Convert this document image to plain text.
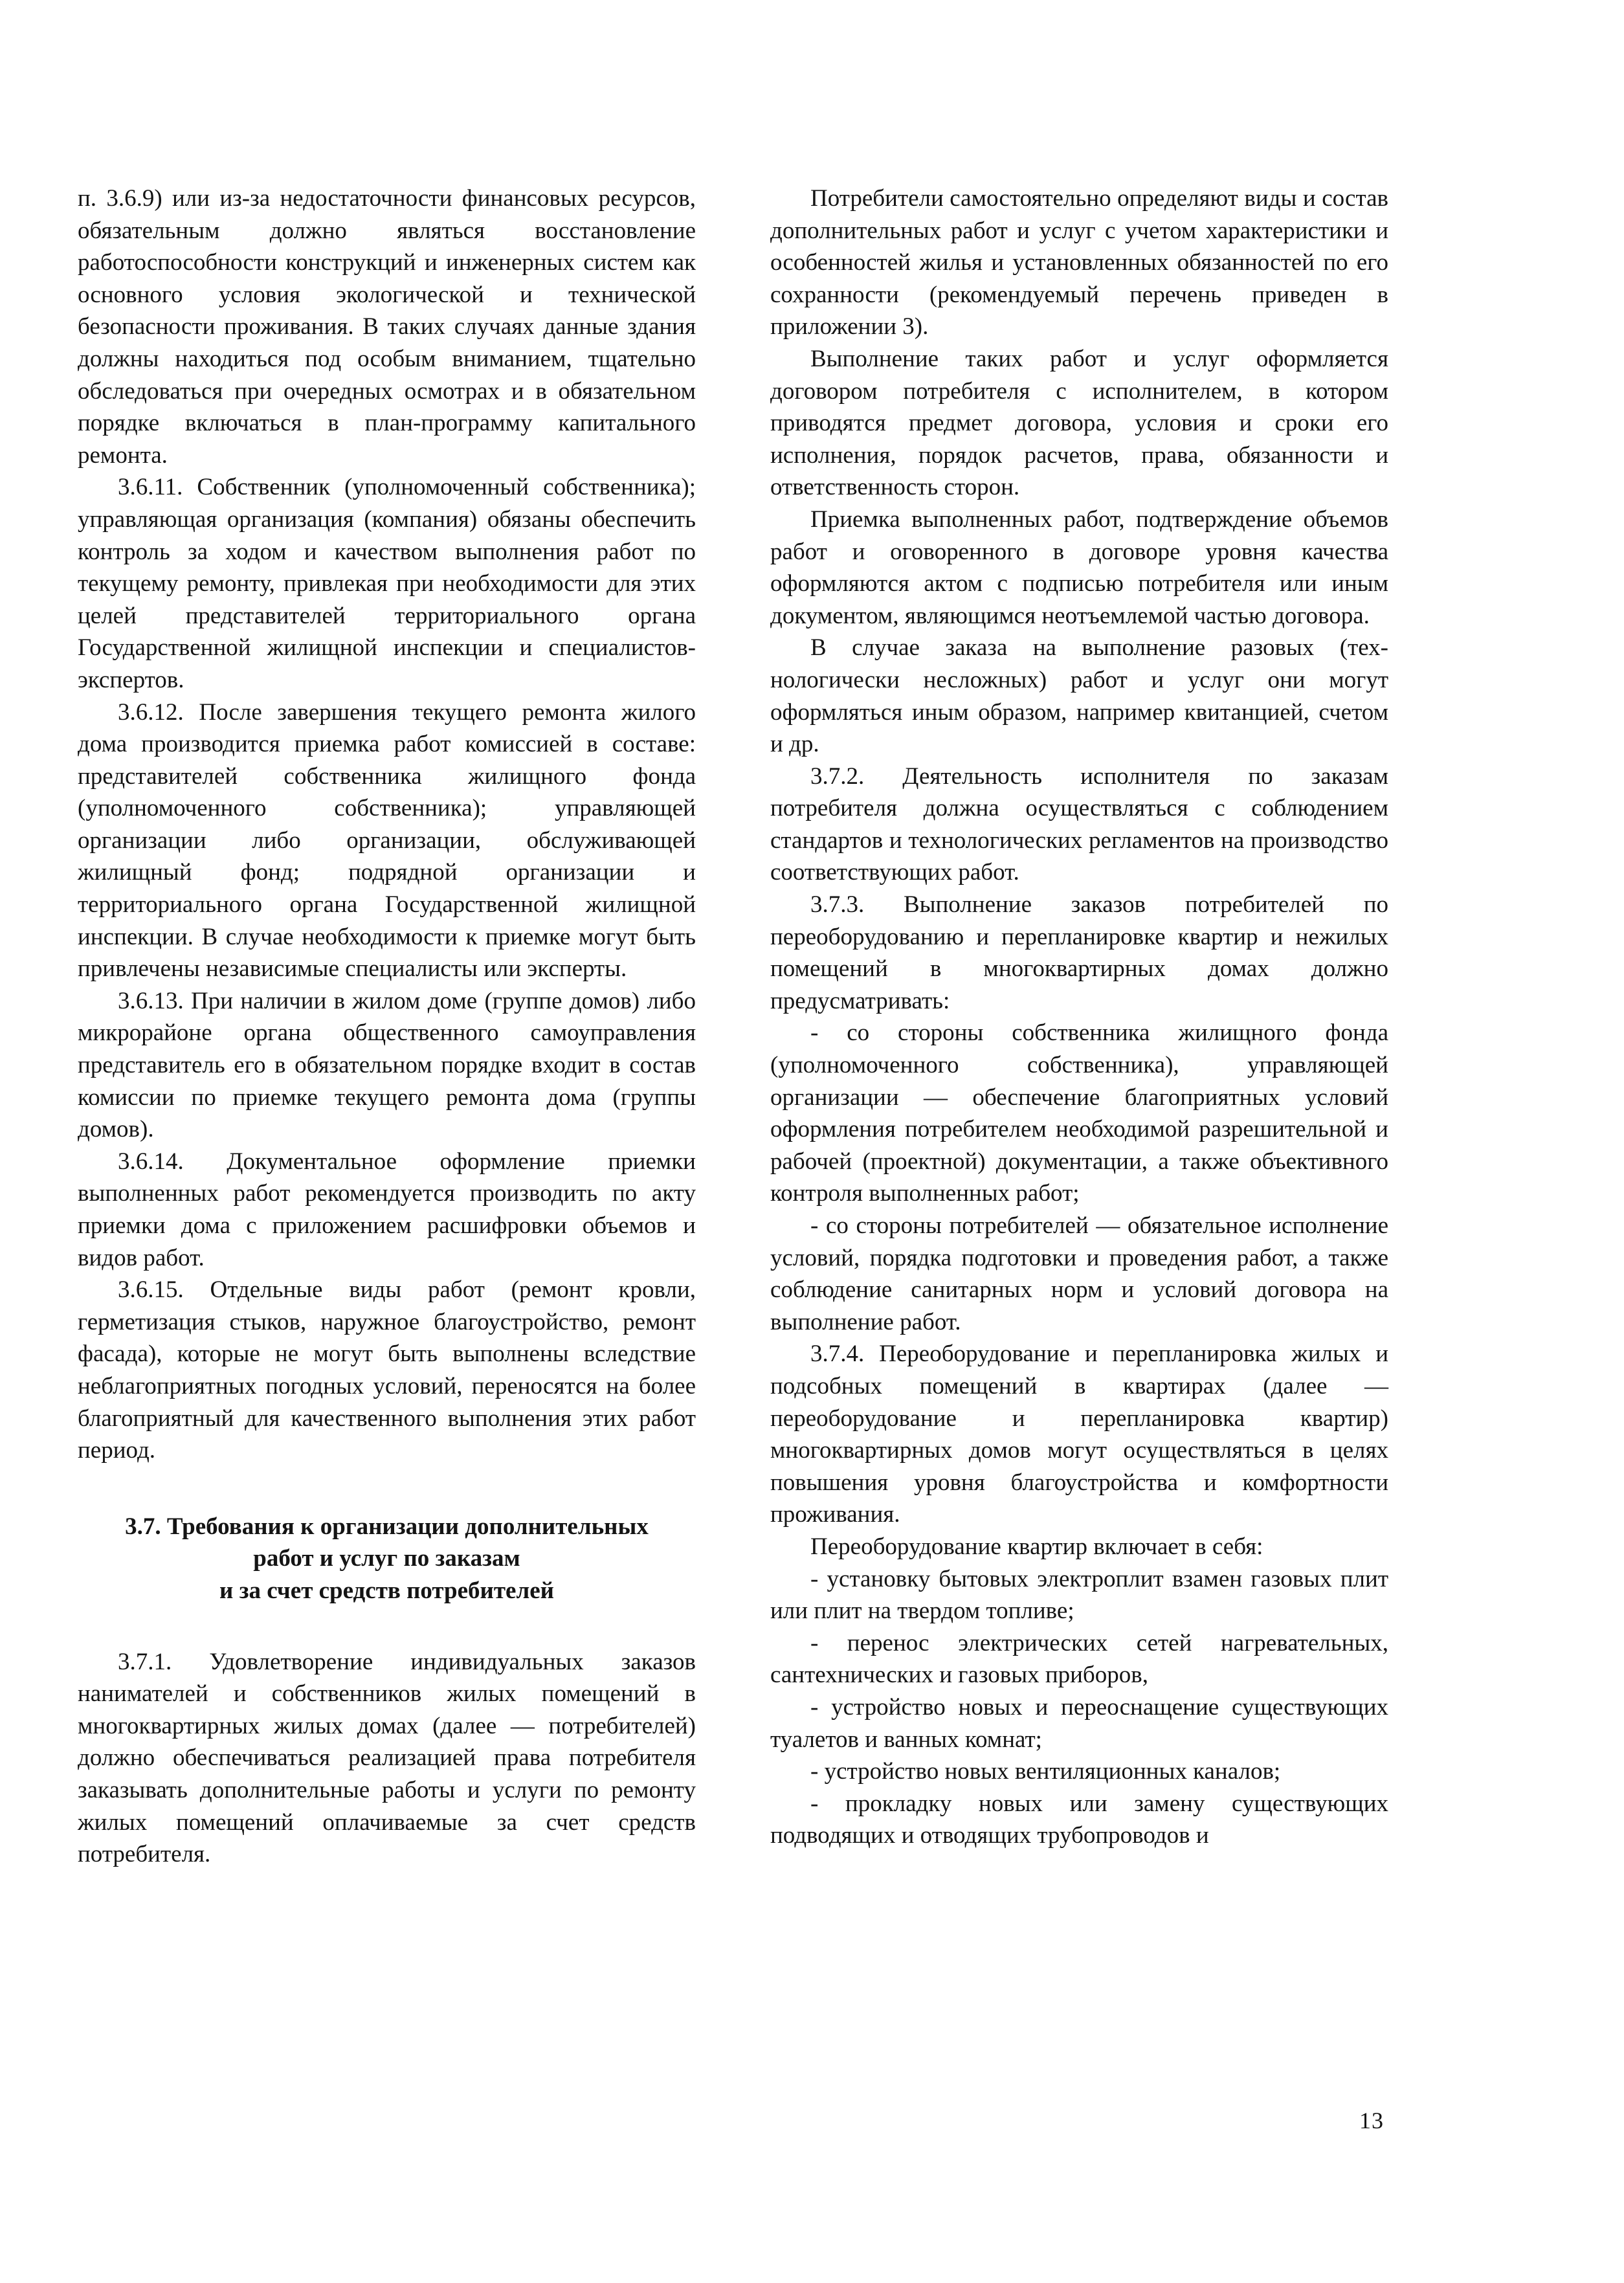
п. 3.6.9) или из-за недостаточности финансовых ресурсов, обязательным должно являться восстановление работоспособности конструкций и инженерных систем как основного условия экологической и технической безопасности проживания. В таких случаях данные здания должны находиться под особым вниманием, тщательно обследоваться при очередных осмотрах и в обязательном порядке включаться в план-программу капитального ремонта.

3.6.11. Собственник (уполномоченный собственника); управляющая организация (компания) обязаны обеспечить контроль за ходом и качеством выполнения работ по текущему ремонту, привлекая при необходимости для этих целей представителей территориального органа Государственной жилищной инспекции и специалистов-экспертов.

3.6.12. После завершения текущего ремонта жилого дома производится приемка работ комиссией в составе: представителей собственника жилищного фонда (уполномоченного собственника); управляющей организации либо организации, обслуживающей жилищный фонд; подрядной организации и территориального органа Государственной жилищной инспекции. В случае необходимости к приемке могут быть привлечены независимые специалисты или эксперты.

3.6.13. При наличии в жилом доме (группе домов) либо микрорайоне органа общественного самоуправления представитель его в обязательном порядке входит в состав комиссии по приемке текущего ремонта дома (группы домов).

3.6.14. Документальное оформление приемки выполненных работ рекомендуется производить по акту приемки дома с приложением расшифровки объемов и видов работ.

3.6.15. Отдельные виды работ (ремонт кровли, герметизация стыков, наружное благоустройство, ремонт фасада), которые не могут быть выполнены вследствие неблагоприятных погодных условий, переносятся на более благоприятный для качественного выполнения этих работ период.

3.7. Требования к организации дополнительных
работ и услуг по заказам
и за счет средств потребителей

3.7.1. Удовлетворение индивидуальных заказов нанимателей и собственников жилых помещений в многоквартирных жилых домах (далее — потребителей) должно обеспечиваться реализацией права потребителя заказывать дополнительные работы и услуги по ремонту жилых помещений оплачиваемые за счет средств потребителя.

Потребители самостоятельно определяют виды и состав дополнительных работ и услуг с учетом характеристики и особенностей жилья и установленных обязанностей по его сохранности (рекомендуемый перечень приведен в приложении 3).

Выполнение таких работ и услуг оформляется договором потребителя с исполнителем, в котором приводятся предмет договора, условия и сроки его исполнения, порядок расчетов, права, обязанности и ответственность сторон.

Приемка выполненных работ, подтверждение объемов работ и оговоренного в договоре уровня качества оформляются актом с подписью потребителя или иным документом, являющимся неотъемлемой частью договора.

В случае заказа на выполнение разовых (технологически несложных) работ и услуг они могут оформляться иным образом, например квитанцией, счетом и др.

3.7.2. Деятельность исполнителя по заказам потребителя должна осуществляться с соблюдением стандартов и технологических регламентов на производство соответствующих работ.

3.7.3. Выполнение заказов потребителей по переоборудованию и перепланировке квартир и нежилых помещений в многоквартирных домах должно предусматривать:

- со стороны собственника жилищного фонда (уполномоченного собственника), управляющей организации — обеспечение благоприятных условий оформления потребителем необходимой разрешительной и рабочей (проектной) документации, а также объективного контроля выполненных работ;

- со стороны потребителей — обязательное исполнение условий, порядка подготовки и проведения работ, а также соблюдение санитарных норм и условий договора на выполнение работ.

3.7.4. Переоборудование и перепланировка жилых и подсобных помещений в квартирах (далее — переоборудование и перепланировка квартир) многоквартирных домов могут осуществляться в целях повышения уровня благоустройства и комфортности проживания.

Переоборудование квартир включает в себя:

- установку бытовых электроплит взамен газовых плит или плит на твердом топливе;

- перенос электрических сетей нагревательных, сантехнических и газовых приборов,

- устройство новых и переоснащение существующих туалетов и ванных комнат;

- устройство новых вентиляционных каналов;

- прокладку новых или замену существующих подводящих и отводящих трубопроводов и

13
